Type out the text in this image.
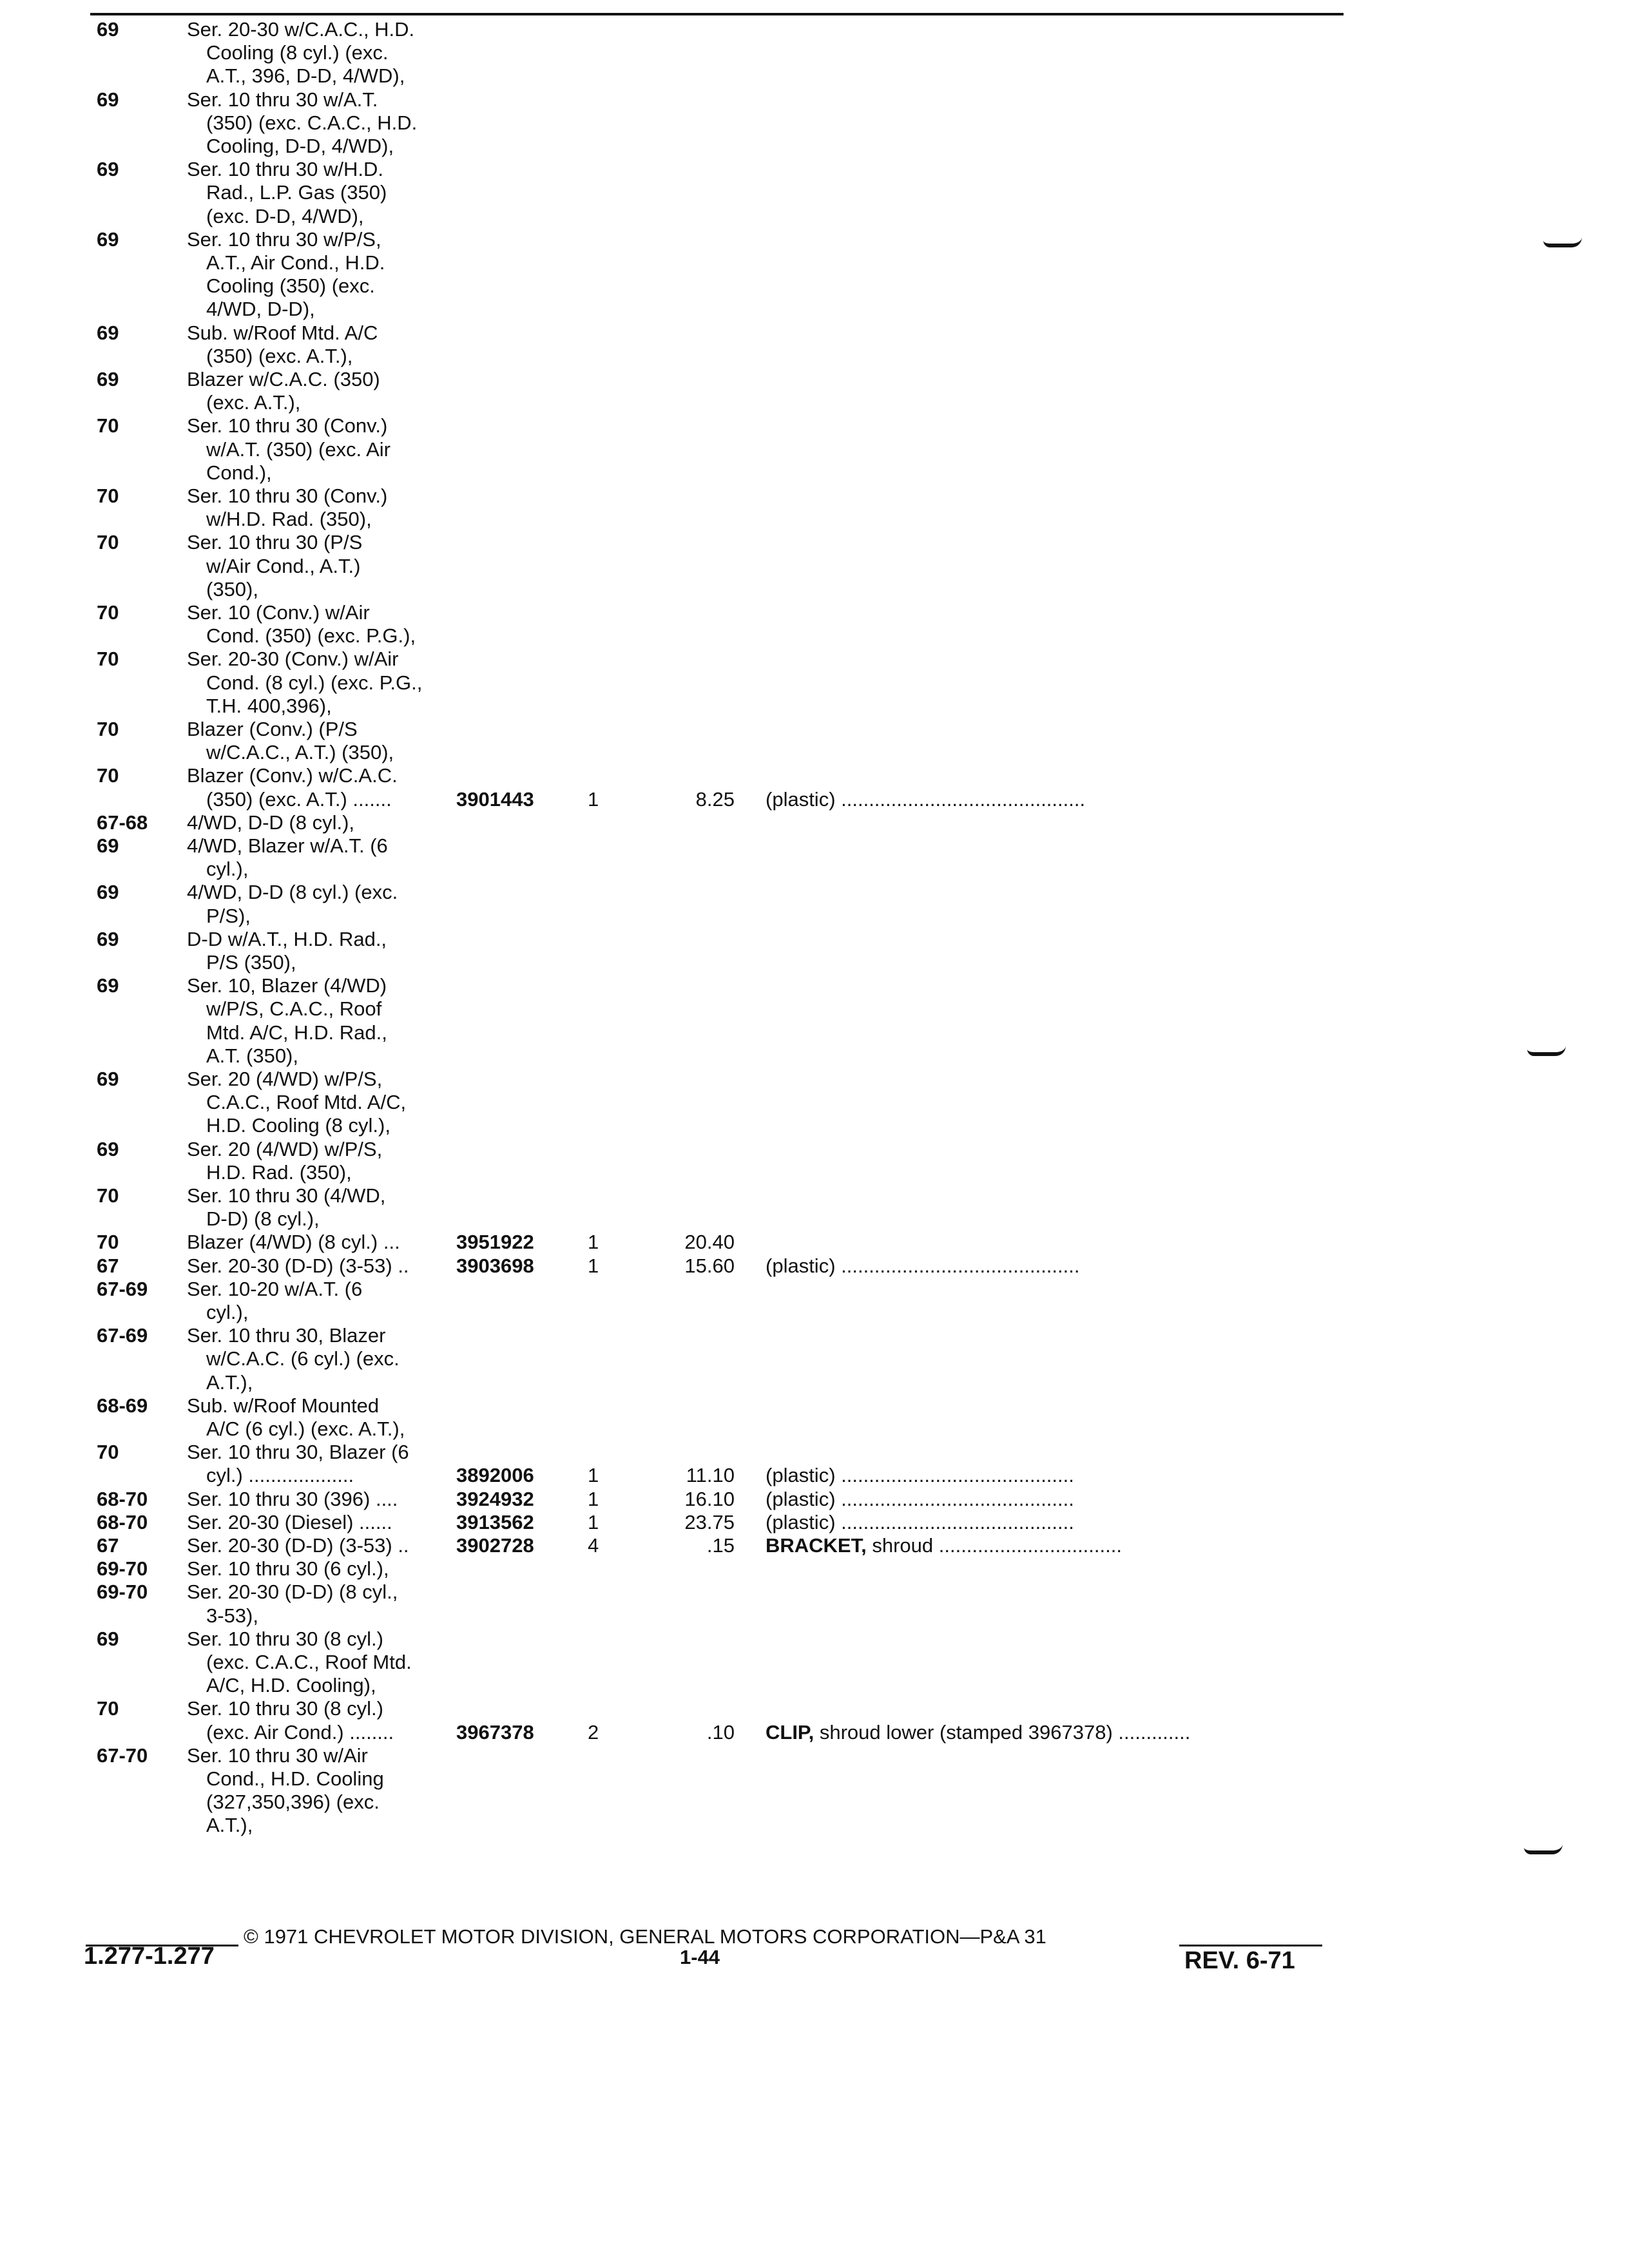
69	Ser. 20-30 w/C.A.C., H.D.
Cooling (8 cyl.) (exc.
A.T., 396, D-D, 4/WD),
69	Ser. 10 thru 30 w/A.T.
(350) (exc. C.A.C., H.D.
Cooling, D-D, 4/WD),
69	Ser. 10 thru 30 w/H.D.
Rad., L.P. Gas (350)
(exc. D-D, 4/WD),
69	Ser. 10 thru 30 w/P/S,
A.T., Air Cond., H.D.
Cooling (350) (exc.
4/WD, D-D),
69	Sub. w/Roof Mtd. A/C
(350) (exc. A.T.),
69	Blazer w/C.A.C. (350)
(exc. A.T.),
70	Ser. 10 thru 30 (Conv.)
w/A.T. (350) (exc. Air
Cond.),
70	Ser. 10 thru 30 (Conv.)
w/H.D. Rad. (350),
70	Ser. 10 thru 30 (P/S
w/Air Cond., A.T.)
(350),
70	Ser. 10 (Conv.) w/Air
Cond. (350) (exc. P.G.),
70	Ser. 20-30 (Conv.) w/Air
Cond. (8 cyl.) (exc. P.G.,
T.H. 400,396),
70	Blazer (Conv.) (P/S
w/C.A.C., A.T.) (350),
70	Blazer (Conv.) w/C.A.C.
(350) (exc. A.T.) .......	3901443	1	8.25 (plastic) ............................................
67-68 4/WD, D-D (8 cyl.),
69	4/WD, Blazer w/A.T. (6
cyl.),
69	4/WD, D-D (8 cyl.) (exc.
P/S),
69	D-D w/A.T., H.D. Rad.,
P/S (350),
69	Ser. 10, Blazer (4/WD)
w/P/S, C.A.C., Roof
Mtd. A/C, H.D. Rad.,
A.T. (350),
69	Ser. 20 (4/WD) w/P/S,
C.A.C., Roof Mtd. A/C,
H.D. Cooling (8 cyl.),
69	Ser. 20 (4/WD) w/P/S,
H.D. Rad. (350),
70	Ser. 10 thru 30 (4/WD,
D-D) (8 cyl.),
70	Blazer (4/WD) (8 cyl.) ...	3951922	1	20.40
67	Ser. 20-30 (D-D) (3-53) .. 3903698	1	15.60 (plastic) ...........................................
67-69 Ser. 10-20 w/A.T. (6
cyl.),
67-69 Ser. 10 thru 30, Blazer
w/C.A.C. (6 cyl.) (exc.
A.T.),
68-69 Sub. w/Roof Mounted
A/C (6 cyl.) (exc. A.T.),
70	Ser. 10 thru 30, Blazer (6
cyl.) ...................	3892006	1	11.10 (plastic) ..........................................
68-70 Ser. 10 thru 30 (396) ....	3924932	1	16.10 (plastic) ..........................................
68-70 Ser. 20-30 (Diesel) ......	3913562	1	23.75 (plastic) ..........................................
67	Ser. 20-30 (D-D) (3-53) .. 3902728	4	.15 BRACKET, shroud .................................
69-70 Ser. 10 thru 30 (6 cyl.),
69-70 Ser. 20-30 (D-D) (8 cyl.,
3-53),
69	Ser. 10 thru 30 (8 cyl.)
(exc. C.A.C., Roof Mtd.
A/C, H.D. Cooling),
70	Ser. 10 thru 30 (8 cyl.)
(exc. Air Cond.) ........	3967378	2	.10 CLIP, shroud lower (stamped 3967378) .............
67-70 Ser. 10 thru 30 w/Air
Cond., H.D. Cooling
(327,350,396) (exc.
A.T.),
© 1971 CHEVROLET MOTOR DIVISION, GENERAL MOTORS CORPORATION—P&A 31
1.277-1.277	1-44	REV. 6-71
